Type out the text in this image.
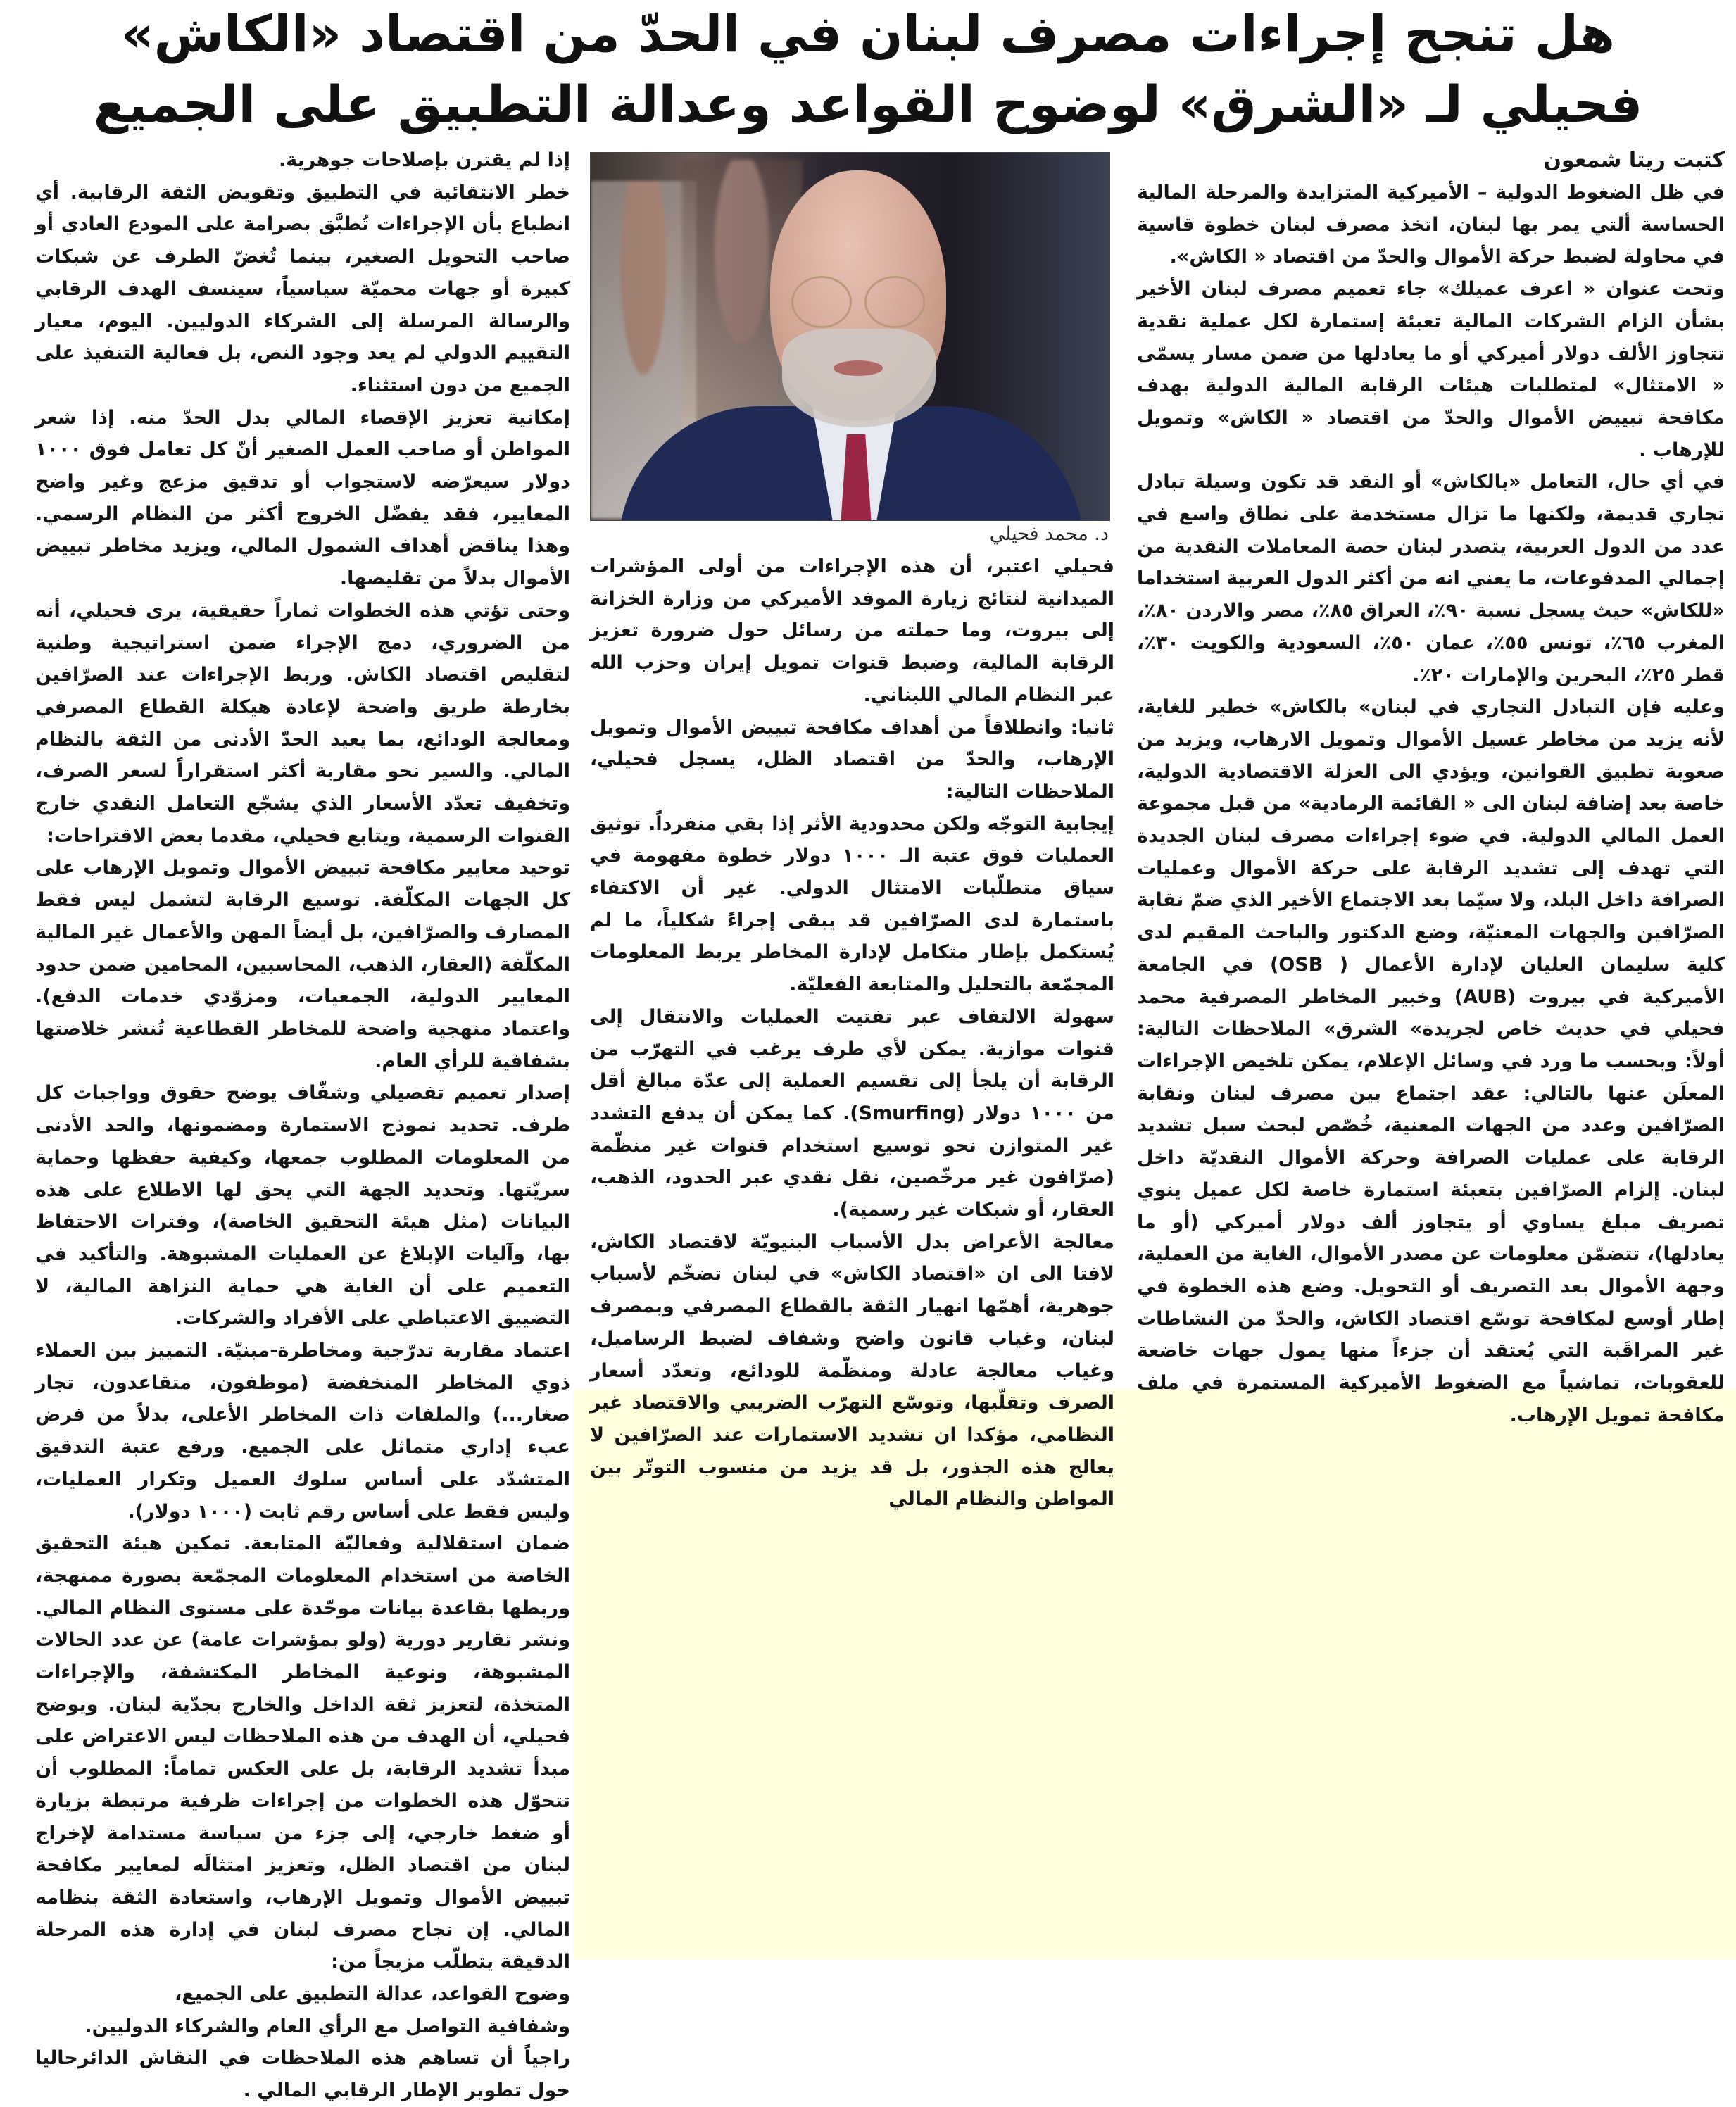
هل تنجح إجراءات مصرف لبنان في الحدّ من اقتصاد «الكاش»
فحيلي لـ «الشرق» لوضوح القواعد وعدالة التطبيق على الجميع

كتبت ريتا شمعون

في ظل الضغوط الدولية – الأميركية المتزايدة والمرحلة المالية الحساسة ألتي يمر بها لبنان، اتخذ مصرف لبنان خطوة قاسية في محاولة لضبط حركة الأموال والحدّ من اقتصاد « الكاش».

وتحت عنوان « اعرف عميلك» جاء تعميم مصرف لبنان الأخير بشأن الزام الشركات المالية تعبئة إستمارة لكل عملية نقدية تتجاوز الألف دولار أميركي أو ما يعادلها من ضمن مسار يسمّى « الامتثال» لمتطلبات هيئات الرقابة المالية الدولية بهدف مكافحة تبييض الأموال والحدّ من اقتصاد « الكاش» وتمويل للإرهاب .

في أي حال، التعامل «بالكاش» أو النقد قد تكون وسيلة تبادل تجاري قديمة، ولكنها ما تزال مستخدمة على نطاق واسع في عدد من الدول العربية، يتصدر لبنان حصة المعاملات النقدية من إجمالي المدفوعات، ما يعني انه من أكثر الدول العربية استخداما «للكاش» حيث يسجل نسبة ٩٠٪، العراق ٨٥٪، مصر والاردن ٨٠٪، المغرب ٦٥٪، تونس ٥٥٪، عمان ٥٠٪، السعودية والكويت ٣٠٪، قطر ٢٥٪، البحرين والإمارات ٢٠٪.

وعليه فإن التبادل التجاري في لبنان» بالكاش» خطير للغاية، لأنه يزيد من مخاطر غسيل الأموال وتمويل الارهاب، ويزيد من صعوبة تطبيق القوانين، ويؤدي الى العزلة الاقتصادية الدولية، خاصة بعد إضافة لبنان الى « القائمة الرمادية» من قبل مجموعة العمل المالي الدولية. في ضوء إجراءات مصرف لبنان الجديدة التي تهدف إلى تشديد الرقابة على حركة الأموال وعمليات الصرافة داخل البلد، ولا سيّما بعد الاجتماع الأخير الذي ضمّ نقابة الصرّافين والجهات المعنيّة، وضع الدكتور والباحث المقيم لدى كلية سليمان العليان لإدارة الأعمال ( OSB) في الجامعة الأميركية في بيروت (AUB) وخبير المخاطر المصرفية محمد فحيلي في حديث خاص لجريدة» الشرق» الملاحظات التالية: أولاً: وبحسب ما ورد في وسائل الإعلام، يمكن تلخيص الإجراءات المعلَن عنها بالتالي: عقد اجتماع بين مصرف لبنان ونقابة الصرّافين وعدد من الجهات المعنية، خُصّص لبحث سبل تشديد الرقابة على عمليات الصرافة وحركة الأموال النقديّة داخل لبنان. إلزام الصرّافين بتعبئة استمارة خاصة لكل عميل ينوي تصريف مبلغ يساوي أو يتجاوز ألف دولار أميركي (أو ما يعادلها)، تتضمّن معلومات عن مصدر الأموال، الغاية من العملية، وجهة الأموال بعد التصريف أو التحويل. وضع هذه الخطوة في إطار أوسع لمكافحة توسّع اقتصاد الكاش، والحدّ من النشاطات غير المراقَبة التي يُعتقد أن جزءاً منها يمول جهات خاضعة للعقوبات، تماشياً مع الضغوط الأميركية المستمرة في ملف مكافحة تمويل الإرهاب.

د. محمد فحيلي

فحيلي اعتبر، أن هذه الإجراءات من أولى المؤشرات الميدانية لنتائج زيارة الموفد الأميركي من وزارة الخزانة إلى بيروت، وما حملته من رسائل حول ضرورة تعزيز الرقابة المالية، وضبط قنوات تمويل إيران وحزب الله عبر النظام المالي اللبناني.

ثانيا: وانطلاقاً من أهداف مكافحة تبييض الأموال وتمويل الإرهاب، والحدّ من اقتصاد الظل، يسجل فحيلي، الملاحظات التالية:

إيجابية التوجّه ولكن محدودية الأثر إذا بقي منفرداً. توثيق العمليات فوق عتبة الـ ١٠٠٠ دولار خطوة مفهومة في سياق متطلّبات الامتثال الدولي. غير أن الاكتفاء باستمارة لدى الصرّافين قد يبقى إجراءً شكلياً، ما لم يُستكمل بإطار متكامل لإدارة المخاطر يربط المعلومات المجمّعة بالتحليل والمتابعة الفعليّة.

سهولة الالتفاف عبر تفتيت العمليات والانتقال إلى قنوات موازية. يمكن لأي طرف يرغب في التهرّب من الرقابة أن يلجأ إلى تقسيم العملية إلى عدّة مبالغ أقل من ١٠٠٠ دولار (Smurfing). كما يمكن أن يدفع التشدد غير المتوازن نحو توسيع استخدام قنوات غير منظّمة (صرّافون غير مرخّصين، نقل نقدي عبر الحدود، الذهب، العقار، أو شبكات غير رسمية).

معالجة الأعراض بدل الأسباب البنيويّة لاقتصاد الكاش، لافتا الى ان «اقتصاد الكاش» في لبنان تضخّم لأسباب جوهرية، أهمّها انهيار الثقة بالقطاع المصرفي وبمصرف لبنان، وغياب قانون واضح وشفاف لضبط الرساميل، وغياب معالجة عادلة ومنظّمة للودائع، وتعدّد أسعار الصرف وتقلّبها، وتوسّع التهرّب الضريبي والاقتصاد غير النظامي، مؤكدا ان تشديد الاستمارات عند الصرّافين لا يعالج هذه الجذور، بل قد يزيد من منسوب التوتّر بين المواطن والنظام المالي

إذا لم يقترن بإصلاحات جوهرية.

خطر الانتقائية في التطبيق وتقويض الثقة الرقابية. أي انطباع بأن الإجراءات تُطبَّق بصرامة على المودع العادي أو صاحب التحويل الصغير، بينما تُغضّ الطرف عن شبكات كبيرة أو جهات محميّة سياسياً، سينسف الهدف الرقابي والرسالة المرسلة إلى الشركاء الدوليين. اليوم، معيار التقييم الدولي لم يعد وجود النص، بل فعالية التنفيذ على الجميع من دون استثناء.

إمكانية تعزيز الإقصاء المالي بدل الحدّ منه. إذا شعر المواطن أو صاحب العمل الصغير أنّ كل تعامل فوق ١٠٠٠ دولار سيعرّضه لاستجواب أو تدقيق مزعج وغير واضح المعايير، فقد يفضّل الخروج أكثر من النظام الرسمي. وهذا يناقض أهداف الشمول المالي، ويزيد مخاطر تبييض الأموال بدلاً من تقليصها.

وحتى تؤتي هذه الخطوات ثماراً حقيقية، يرى فحيلي، أنه من الضروري، دمج الإجراء ضمن استراتيجية وطنية لتقليص اقتصاد الكاش. وربط الإجراءات عند الصرّافين بخارطة طريق واضحة لإعادة هيكلة القطاع المصرفي ومعالجة الودائع، بما يعيد الحدّ الأدنى من الثقة بالنظام المالي. والسير نحو مقاربة أكثر استقراراً لسعر الصرف، وتخفيف تعدّد الأسعار الذي يشجّع التعامل النقدي خارج القنوات الرسمية، ويتابع فحيلي، مقدما بعض الاقتراحات:

توحيد معايير مكافحة تبييض الأموال وتمويل الإرهاب على كل الجهات المكلّفة. توسيع الرقابة لتشمل ليس فقط المصارف والصرّافين، بل أيضاً المهن والأعمال غير المالية المكلّفة (العقار، الذهب، المحاسبين، المحامين ضمن حدود المعايير الدولية، الجمعيات، ومزوّدي خدمات الدفع). واعتماد منهجية واضحة للمخاطر القطاعية تُنشر خلاصتها بشفافية للرأي العام.

إصدار تعميم تفصيلي وشفّاف يوضح حقوق وواجبات كل طرف. تحديد نموذج الاستمارة ومضمونها، والحد الأدنى من المعلومات المطلوب جمعها، وكيفية حفظها وحماية سريّتها. وتحديد الجهة التي يحق لها الاطلاع على هذه البيانات (مثل هيئة التحقيق الخاصة)، وفترات الاحتفاظ بها، وآليات الإبلاغ عن العمليات المشبوهة. والتأكيد في التعميم على أن الغاية هي حماية النزاهة المالية، لا التضييق الاعتباطي على الأفراد والشركات.

اعتماد مقاربة تدرّجية ومخاطرة-مبنيّة. التمييز بين العملاء ذوي المخاطر المنخفضة (موظفون، متقاعدون، تجار صغار...) والملفات ذات المخاطر الأعلى، بدلاً من فرض عبء إداري متماثل على الجميع. ورفع عتبة التدقيق المتشدّد على أساس سلوك العميل وتكرار العمليات، وليس فقط على أساس رقم ثابت (١٠٠٠ دولار).

ضمان استقلالية وفعاليّة المتابعة. تمكين هيئة التحقيق الخاصة من استخدام المعلومات المجمّعة بصورة ممنهجة، وربطها بقاعدة بيانات موحّدة على مستوى النظام المالي. ونشر تقارير دورية (ولو بمؤشرات عامة) عن عدد الحالات المشبوهة، ونوعية المخاطر المكتشفة، والإجراءات المتخذة، لتعزيز ثقة الداخل والخارج بجدّية لبنان. ويوضح فحيلي، أن الهدف من هذه الملاحظات ليس الاعتراض على مبدأ تشديد الرقابة، بل على العكس تماماً: المطلوب أن تتحوّل هذه الخطوات من إجراءات ظرفية مرتبطة بزيارة أو ضغط خارجي، إلى جزء من سياسة مستدامة لإخراج لبنان من اقتصاد الظل، وتعزيز امتثالَه لمعايير مكافحة تبييض الأموال وتمويل الإرهاب، واستعادة الثقة بنظامه المالي. إن نجاح مصرف لبنان في إدارة هذه المرحلة الدقيقة يتطلّب مزيجاً من:

وضوح القواعد، عدالة التطبيق على الجميع،

وشفافية التواصل مع الرأي العام والشركاء الدوليين.

راجياً أن تساهم هذه الملاحظات في النقاش الدائرحاليا حول تطوير الإطار الرقابي المالي .
